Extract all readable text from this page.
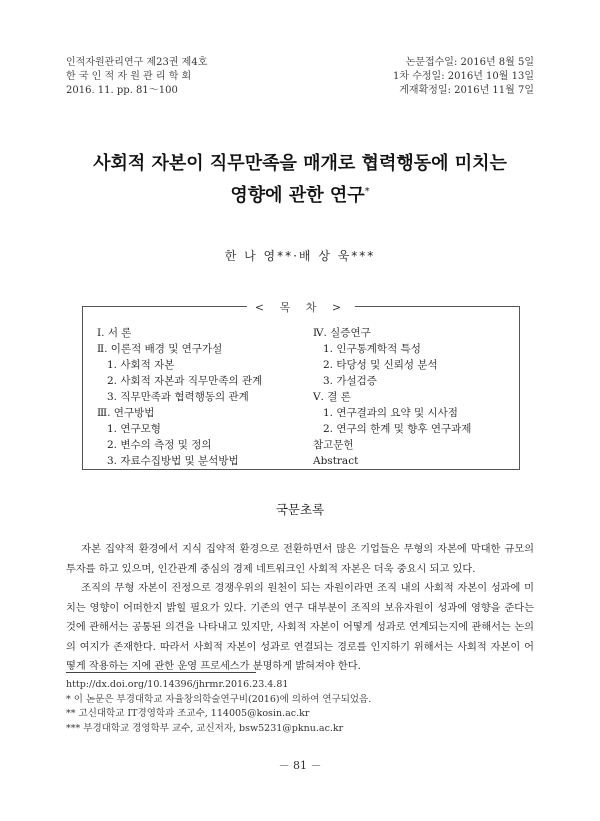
인적자원관리연구 제23권 제4호
한 국 인 적 자 원 관 리 학 회
2016. 11. pp. 81～100
논문접수일: 2016년 8월 5일
1차 수정일: 2016년 10월 13일
게재확정일: 2016년 11월 7일
사회적 자본이 직무만족을 매개로 협력행동에 미치는
영향에 관한 연구*
한 나 영**·배 상 욱***
< 목 차 >
Ⅰ. 서 론
Ⅱ. 이론적 배경 및 연구가설
1. 사회적 자본
2. 사회적 자본과 직무만족의 관계
3. 직무만족과 협력행동의 관계
Ⅲ. 연구방법
1. 연구모형
2. 변수의 측정 및 정의
3. 자료수집방법 및 분석방법
Ⅳ. 실증연구
1. 인구통계학적 특성
2. 타당성 및 신뢰성 분석
3. 가설검증
Ⅴ. 결 론
1. 연구결과의 요약 및 시사점
2. 연구의 한계 및 향후 연구과제
참고문헌
Abstract
국문초록

자본 집약적 환경에서 지식 집약적 환경으로 전환하면서 많은 기업들은 무형의 자본에 막대한 규모의 투자를 하고 있으며, 인간관계 중심의 경제 네트워크인 사회적 자본은 더욱 중요시 되고 있다.

조직의 무형 자본이 진정으로 경쟁우위의 원천이 되는 자원이라면 조직 내의 사회적 자본이 성과에 미치는 영향이 어떠한지 밝힐 필요가 있다. 기존의 연구 대부분이 조직의 보유자원이 성과에 영향을 준다는 것에 관해서는 공통된 의견을 나타내고 있지만, 사회적 자본이 어떻게 성과로 연계되는지에 관해서는 논의의 여지가 존재한다. 따라서 사회적 자본이 성과로 연결되는 경로를 인지하기 위해서는 사회적 자본이 어떻게 작용하는 지에 관한 운영 프로세스가 분명하게 밝혀져야 한다.

http://dx.doi.org/10.14396/jhrmr.2016.23.4.81
* 이 논문은 부경대학교 자율창의학술연구비(2016)에 의하여 연구되었음.
** 고신대학교 IT경영학과 조교수, 114005@kosin.ac.kr
*** 부경대학교 경영학부 교수, 교신저자, bsw5231@pknu.ac.kr
－ 81 －
